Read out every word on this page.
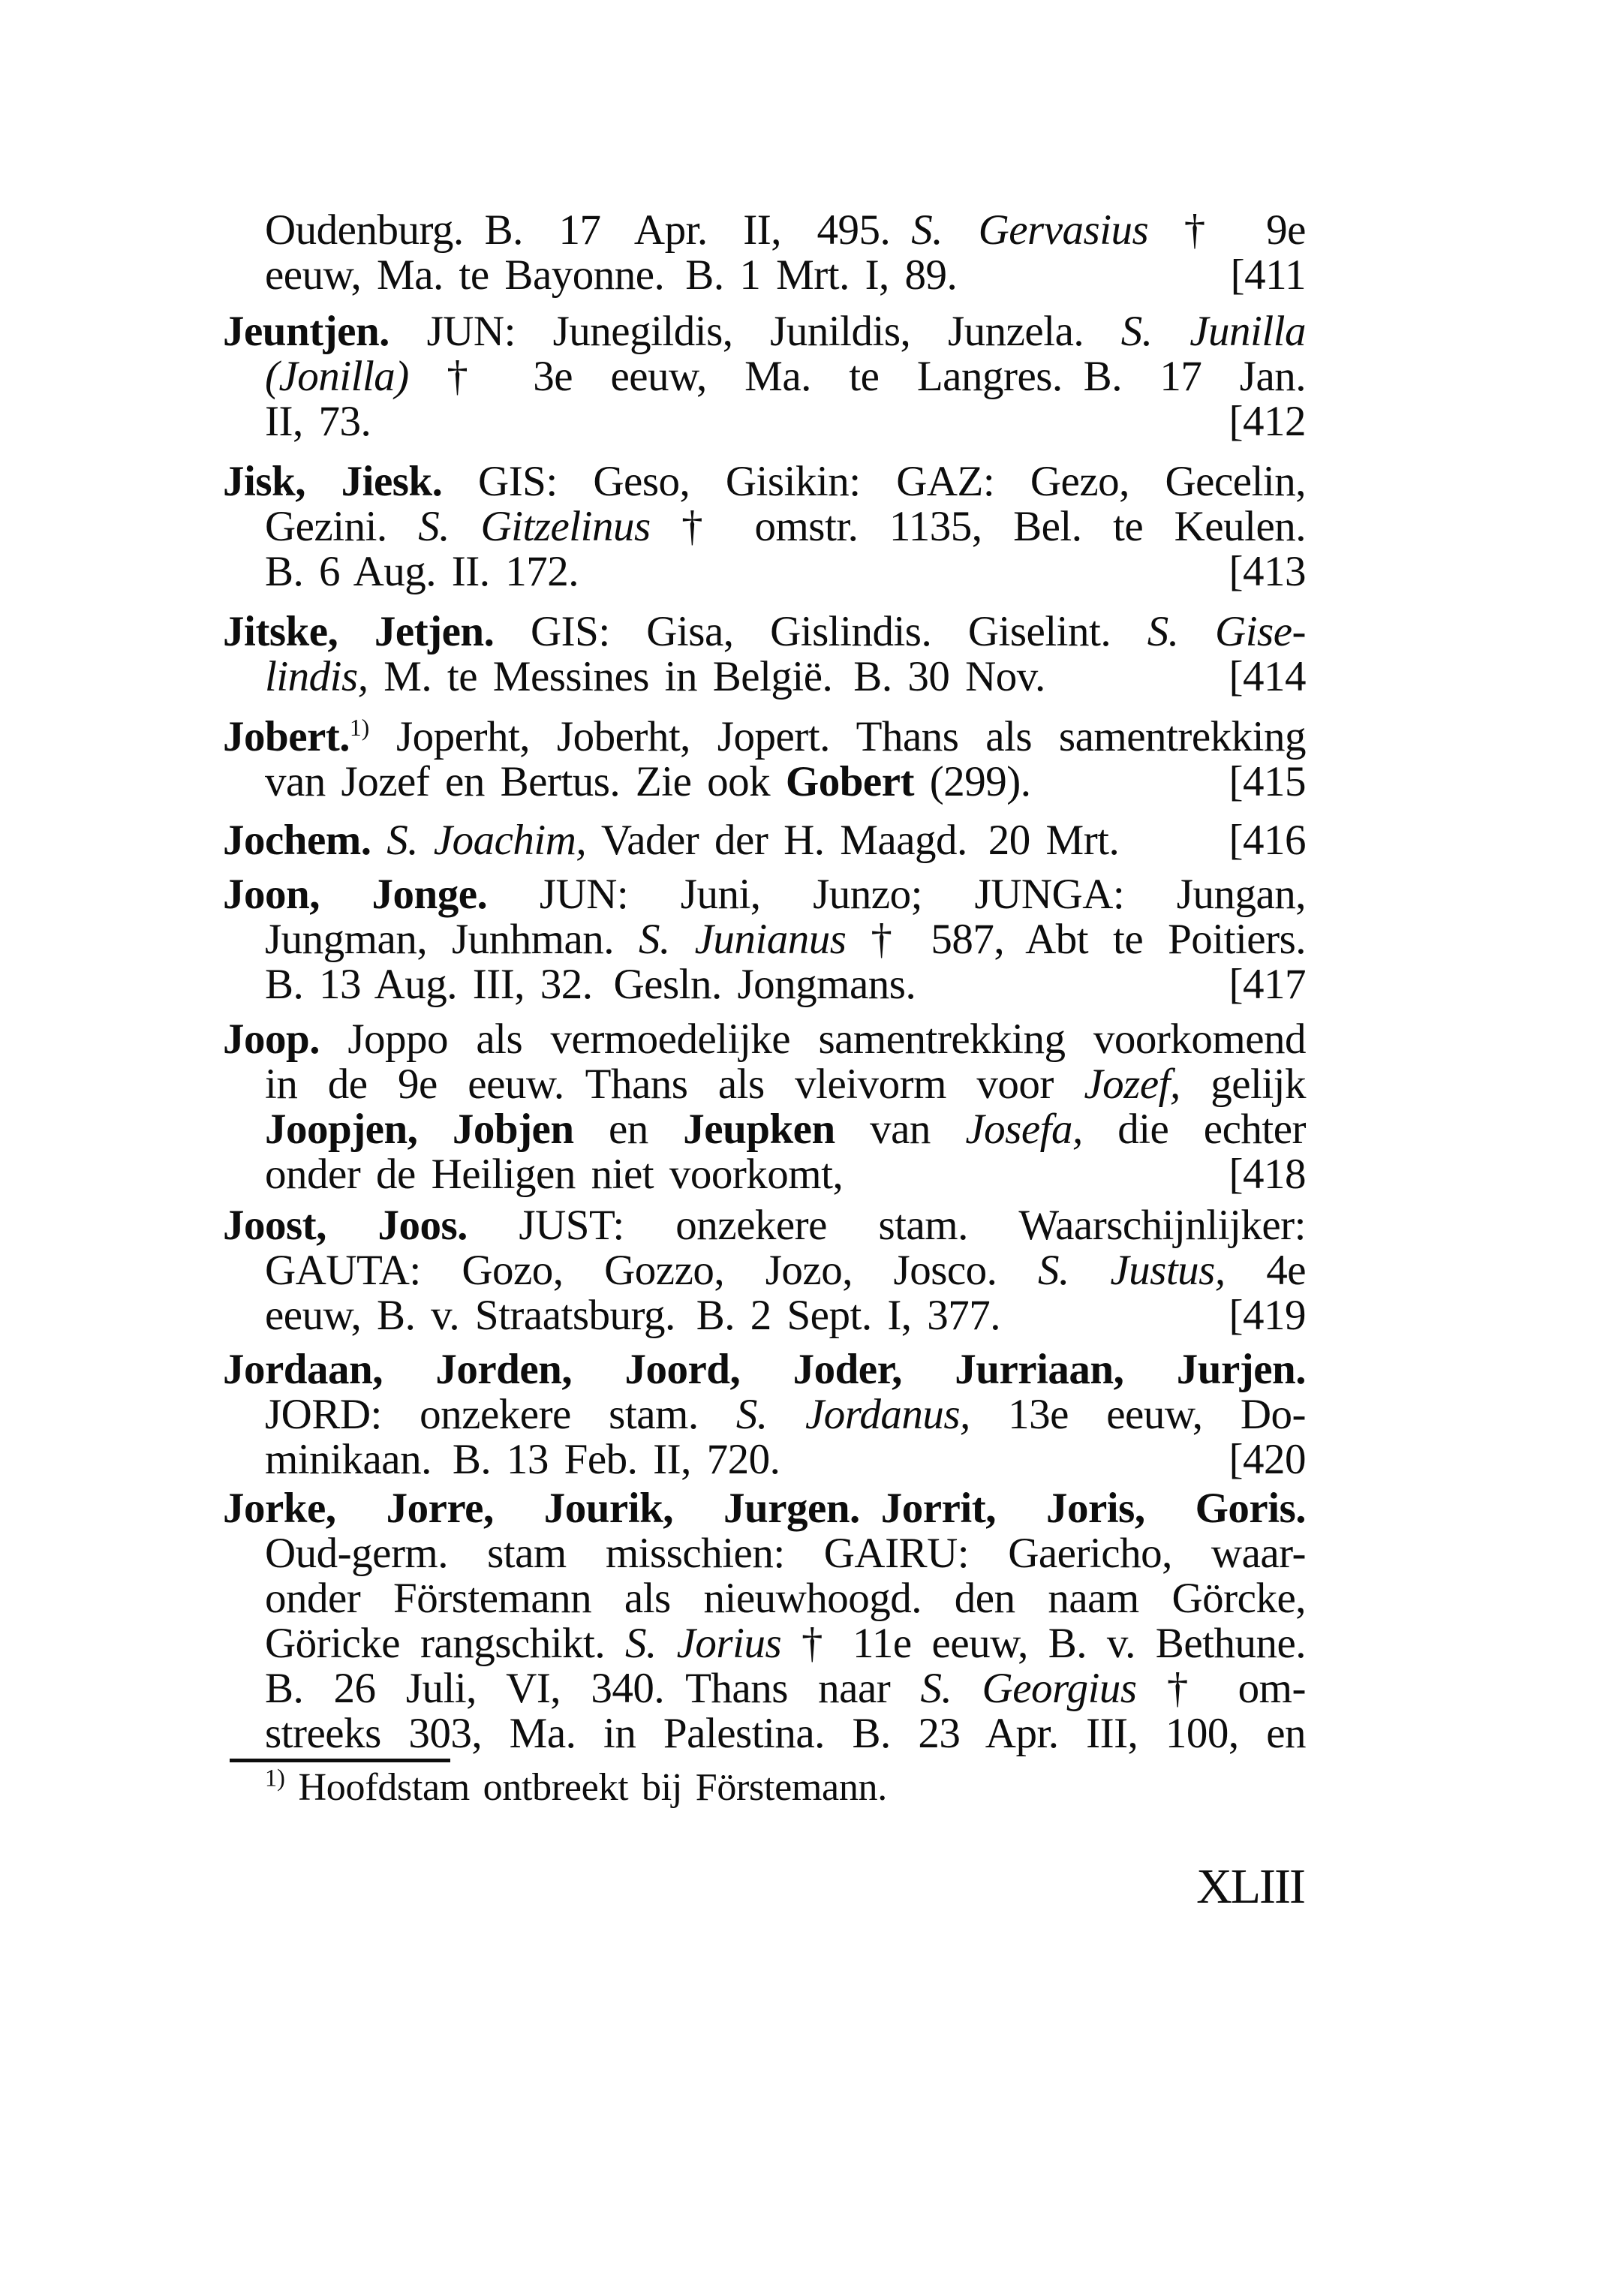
Oudenburg. B. 17 Apr. II, 495. S. Gervasius † 9e
eeuw, Ma. te Bayonne. B. 1 Mrt. I, 89.	[411
Jeuntjen. JUN: Junegildis, Junildis, Junzela. S. Junilla
(Jonilla) † 3e eeuw, Ma. te Langres. B. 17 Jan.
II, 73.	[412
Jisk, Jiesk. GIS: Geso, Gisikin: GAZ: Gezo, Gecelin,
Gezini. S. Gitzelinus † omstr. 1135, Bel. te Keulen.
B. 6 Aug. II. 172.	[413
Jitske, Jetjen. GIS: Gisa, Gislindis. Giselint. S. Gise-
lindis, M. te Messines in België. B. 30 Nov.	[414
Jobert.$^{1)}$ Joperht, Joberht, Jopert. Thans als samentrekking
van Jozef en Bertus. Zie ook Gobert (299).	[415
Jochem. S. Joachim, Vader der H. Maagd. 20 Mrt.	[416
Joon, Jonge. JUN: Juni, Junzo; JUNGA: Jungan,
Jungman, Junhman. S. Junianus † 587, Abt te Poitiers.
B. 13 Aug. III, 32. Gesln. Jongmans.	[417
Joop. Joppo als vermoedelijke samentrekking voorkomend
in de 9e eeuw. Thans als vleivorm voor Jozef, gelijk
Joopjen, Jobjen en Jeupken van Josefa, die echter
onder de Heiligen niet voorkomt,	[418
Joost, Joos. JUST: onzekere stam. Waarschijnlijker:
GAUTA: Gozo, Gozzo, Jozo, Josco. S. Justus, 4e
eeuw, B. v. Straatsburg. B. 2 Sept. I, 377.	[419
Jordaan, Jorden, Joord, Joder, Jurriaan, Jurjen.
JORD: onzekere stam. S. Jordanus, 13e eeuw, Do-
minikaan. B. 13 Feb. II, 720.	[420
Jorke, Jorre, Jourik, Jurgen. Jorrit, Joris, Goris.
Oud-germ. stam misschien: GAIRU: Gaericho, waar-
onder Förstemann als nieuwhoogd. den naam Görcke,
Göricke rangschikt. S. Jorius † 11e eeuw, B. v. Bethune.
B. 26 Juli, VI, 340. Thans naar S. Georgius † om-
streeks 303, Ma. in Palestina. B. 23 Apr. III, 100, en
$^{1)}$ Hoofdstam ontbreekt bij Förstemann.
XLIII
